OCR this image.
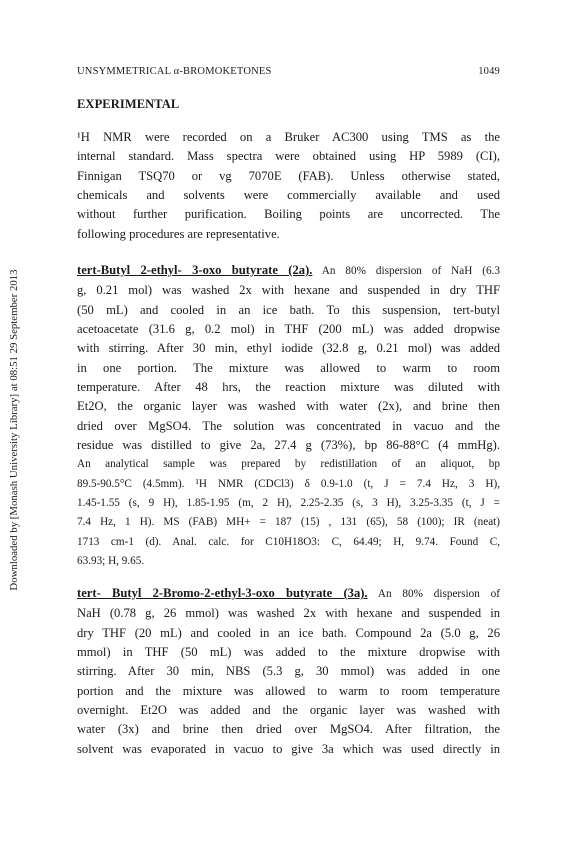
Downloaded by [Monash University Library] at 08:51 29 September 2013
UNSYMMETRICAL α-BROMOKETONES	1049
EXPERIMENTAL
¹H NMR were recorded on a Bruker AC300 using TMS as the
internal standard. Mass spectra were obtained using HP 5989 (CI),
Finnigan TSQ70 or vg 7070E (FAB). Unless otherwise stated,
chemicals and solvents were commercially available and used
without further purification. Boiling points are uncorrected. The
following procedures are representative.
tert-Butyl 2-ethyl- 3-oxo butyrate (2a). An 80% dispersion of NaH (6.3
g, 0.21 mol) was washed 2x with hexane and suspended in dry THF
(50 mL) and cooled in an ice bath. To this suspension, tert-butyl
acetoacetate (31.6 g, 0.2 mol) in THF (200 mL) was added dropwise
with stirring. After 30 min, ethyl iodide (32.8 g, 0.21 mol) was added
in one portion. The mixture was allowed to warm to room
temperature. After 48 hrs, the reaction mixture was diluted with
Et2O, the organic layer was washed with water (2x), and brine then
dried over MgSO4. The solution was concentrated in vacuo and the
residue was distilled to give 2a, 27.4 g (73%), bp 86-88°C (4 mmHg).
An analytical sample was prepared by redistillation of an aliquot, bp
89.5-90.5°C (4.5mm). ¹H NMR (CDCl3) δ 0.9-1.0 (t, J = 7.4 Hz, 3 H),
1.45-1.55 (s, 9 H), 1.85-1.95 (m, 2 H), 2.25-2.35 (s, 3 H), 3.25-3.35 (t, J =
7.4 Hz, 1 H). MS (FAB) MH+ = 187 (15) , 131 (65), 58 (100); IR (neat)
1713 cm-1 (d). Anal. calc. for C10H18O3: C, 64.49; H, 9.74. Found C,
63.93; H, 9.65.
tert- Butyl 2-Bromo-2-ethyl-3-oxo butyrate (3a). An 80% dispersion of
NaH (0.78 g, 26 mmol) was washed 2x with hexane and suspended in
dry THF (20 mL) and cooled in an ice bath. Compound 2a (5.0 g, 26
mmol) in THF (50 mL) was added to the mixture dropwise with
stirring. After 30 min, NBS (5.3 g, 30 mmol) was added in one
portion and the mixture was allowed to warm to room temperature
overnight. Et2O was added and the organic layer was washed with
water (3x) and brine then dried over MgSO4. After filtration, the
solvent was evaporated in vacuo to give 3a which was used directly in
